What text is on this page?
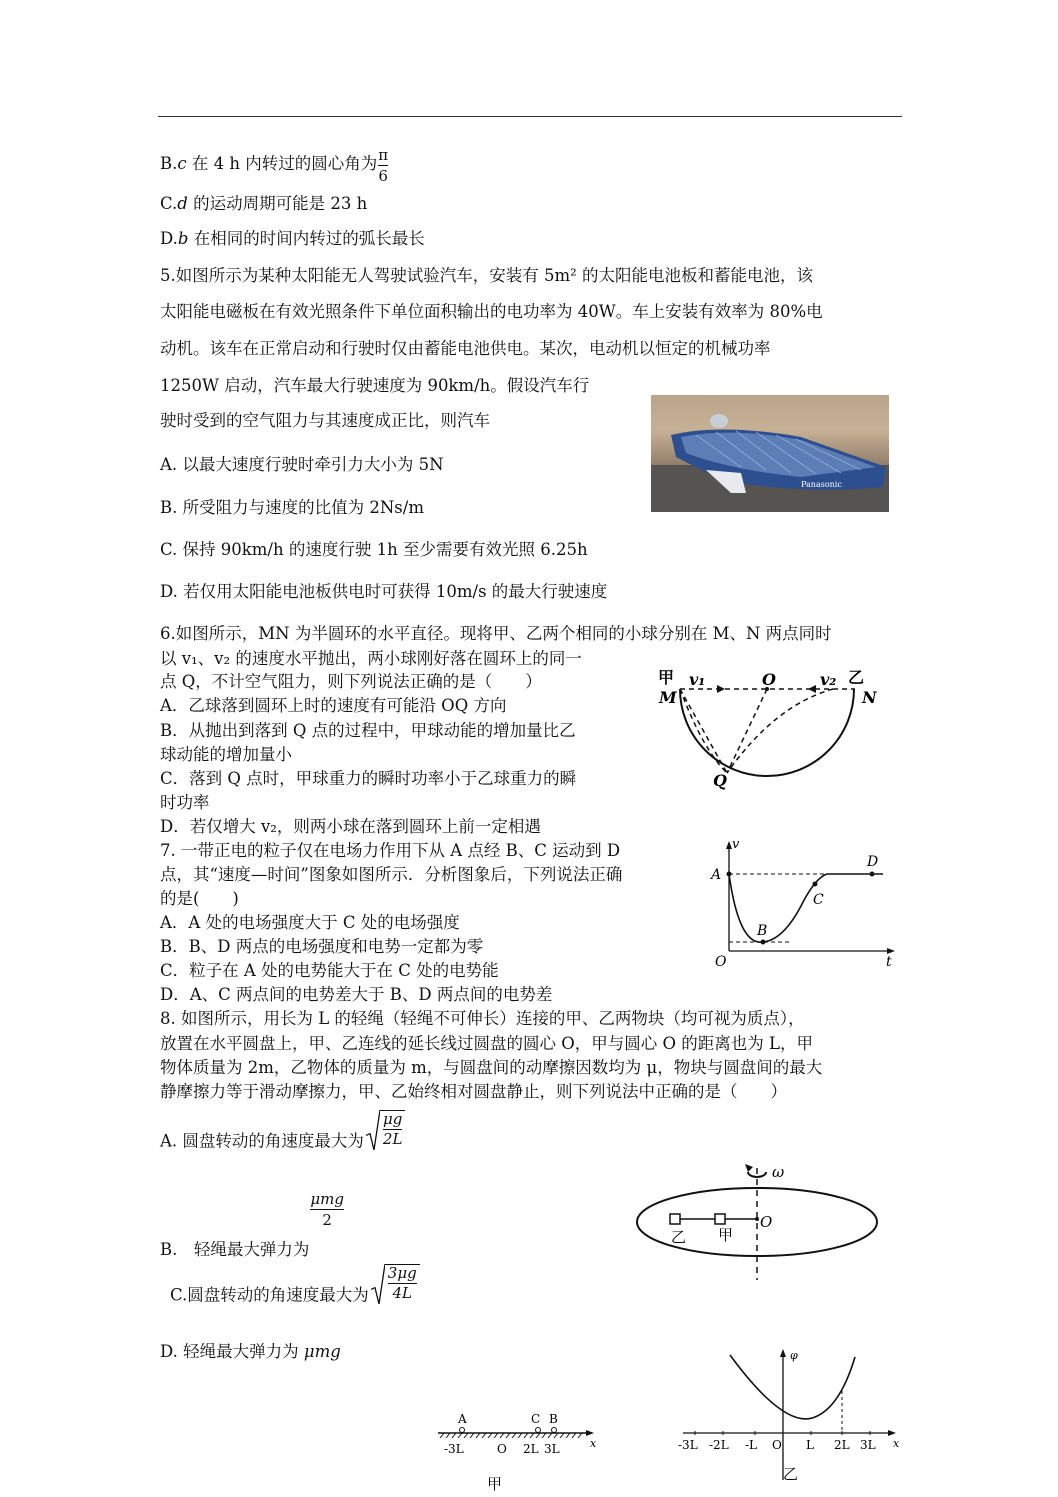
B.c 在 4 h 内转过的圆心角为 $\frac{\pi}{6}$
C.d 的运动周期可能是 23 h
D.b 在相同的时间内转过的弧长最长
5.如图所示为某种太阳能无人驾驶试验汽车，安装有 5m² 的太阳能电池板和蓄能电池，该
太阳能电磁板在有效光照条件下单位面积输出的电功率为 40W。车上安装有效率为 80%电
动机。该车在正常启动和行驶时仅由蓄能电池供电。某次，电动机以恒定的机械功率
1250W 启动，汽车最大行驶速度为 90km/h。假设汽车行
驶时受到的空气阻力与其速度成正比，则汽车
A. 以最大速度行驶时牵引力大小为 5N
B. 所受阻力与速度的比值为 2Ns/m
C. 保持 90km/h 的速度行驶 1h 至少需要有效光照 6.25h
D. 若仅用太阳能电池板供电时可获得 10m/s 的最大行驶速度
Panasonic
6.如图所示，MN 为半圆环的水平直径。现将甲、乙两个相同的小球分别在 M、N 两点同时
以 v₁、v₂ 的速度水平抛出，两小球刚好落在圆环上的同一
点 Q，不计空气阻力，则下列说法正确的是（　　）
A．乙球落到圆环上时的速度有可能沿 OQ 方向
B．从抛出到落到 Q 点的过程中，甲球动能的增加量比乙
球动能的增加量小
C．落到 Q 点时，甲球重力的瞬时功率小于乙球重力的瞬
时功率
D．若仅增大 v₂，则两小球在落到圆环上前一定相遇
甲
M
v₁	O	v₂ 乙
N
Q
7. 一带正电的粒子仅在电场力作用下从 A 点经 B、C 运动到 D
点，其“速度—时间”图象如图所示．分析图象后，下列说法正确
的是(　　)
A．A 处的电场强度大于 C 处的电场强度
B．B、D 两点的电场强度和电势一定都为零
C．粒子在 A 处的电势能大于在 C 处的电势能
D．A、C 两点间的电势差大于 B、D 两点间的电势差
v
t
O
A
B
C
D
8. 如图所示，用长为 L 的轻绳（轻绳不可伸长）连接的甲、乙两物块（均可视为质点），
放置在水平圆盘上，甲、乙连线的延长线过圆盘的圆心 O，甲与圆心 O 的距离也为 L，甲
物体质量为 2m，乙物体的质量为 m，与圆盘间的动摩擦因数均为 μ，物块与圆盘间的最大
静摩擦力等于滑动摩擦力，甲、乙始终相对圆盘静止，则下列说法中正确的是（　　）
A. 圆盘转动的角速度最大为 $\frac{\mu g}{2L}$
B.　轻绳最大弹力为
$\frac{\text{μmg}}{2}$
C.圆盘转动的角速度最大为 $\frac{3\mu g}{4L}$
D. 轻绳最大弹力为 μmg
ω
O
甲
乙
A	C B
-3L	O 2L 3L	x
甲
φ
x
-3L -2L -L O L 2L 3L
乙
